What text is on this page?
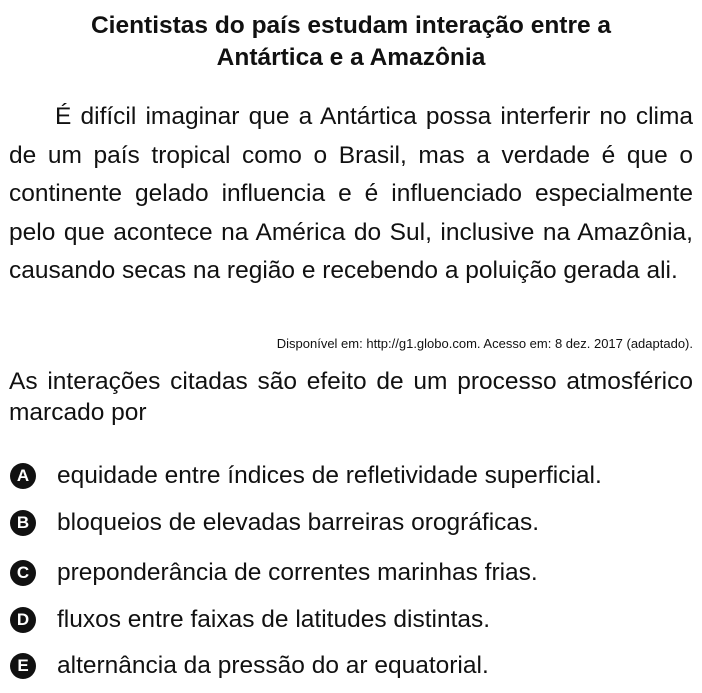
Cientistas do país estudam interação entre a
Antártica e a Amazônia

É difícil imaginar que a Antártica possa interferir no clima de um país tropical como o Brasil, mas a verdade é que o continente gelado influencia e é influenciado especialmente pelo que acontece na América do Sul, inclusive na Amazônia, causando secas na região e recebendo a poluição gerada ali.

Disponível em: http://g1.globo.com. Acesso em: 8 dez. 2017 (adaptado).

As interações citadas são efeito de um processo atmosférico marcado por

A equidade entre índices de refletividade superficial.
B bloqueios de elevadas barreiras orográficas.
C preponderância de correntes marinhas frias.
D fluxos entre faixas de latitudes distintas.
E alternância da pressão do ar equatorial.
